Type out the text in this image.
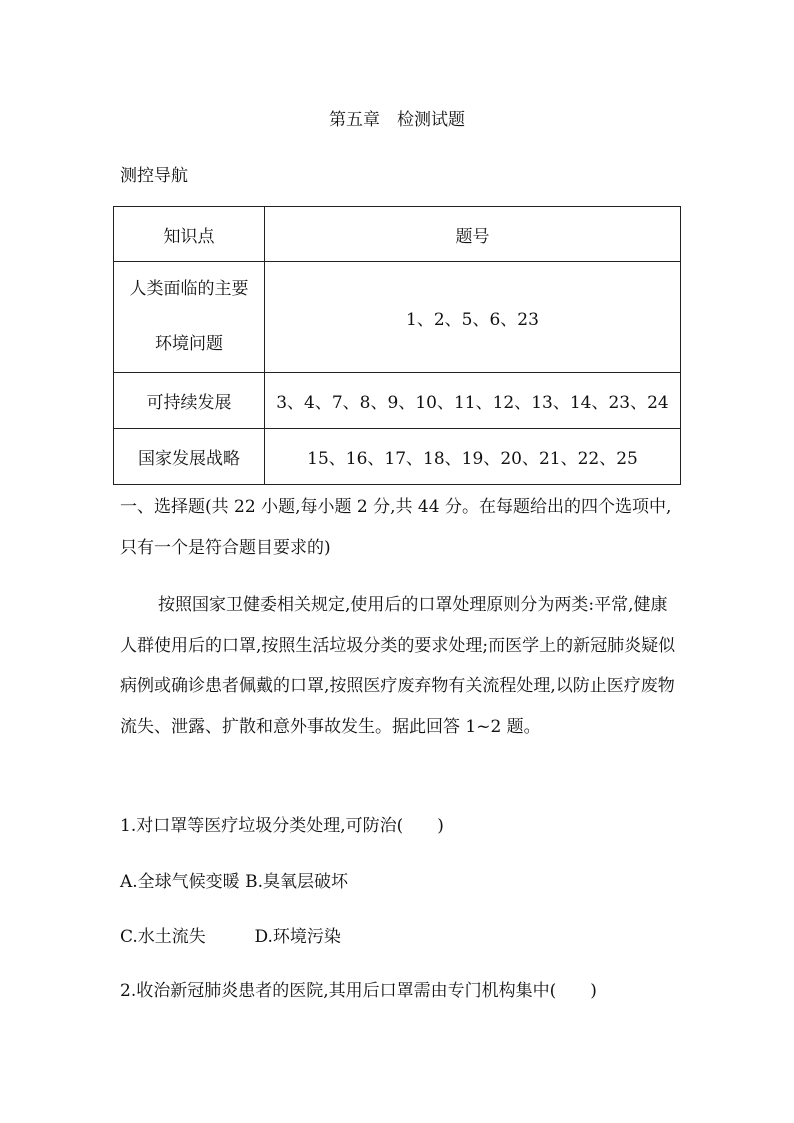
第五章　检测试题
测控导航
知识点	题号

人类面临的主要
环境问题	1、2、5、6、23
可持续发展	3、4、7、8、9、10、11、12、13、14、23、24
国家发展战略	15、16、17、18、19、20、21、22、25
一、选择题(共 22 小题,每小题 2 分,共 44 分。在每题给出的四个选项中,只有一个是符合题目要求的)
按照国家卫健委相关规定,使用后的口罩处理原则分为两类:平常,健康人群使用后的口罩,按照生活垃圾分类的要求处理;而医学上的新冠肺炎疑似病例或确诊患者佩戴的口罩,按照医疗废弃物有关流程处理,以防止医疗废物流失、泄露、扩散和意外事故发生。据此回答 1~2 题。
1.对口罩等医疗垃圾分类处理,可防治(　　)
A.全球气候变暖 B.臭氧层破坏
C.水土流失	D.环境污染
2.收治新冠肺炎患者的医院,其用后口罩需由专门机构集中(　　)
